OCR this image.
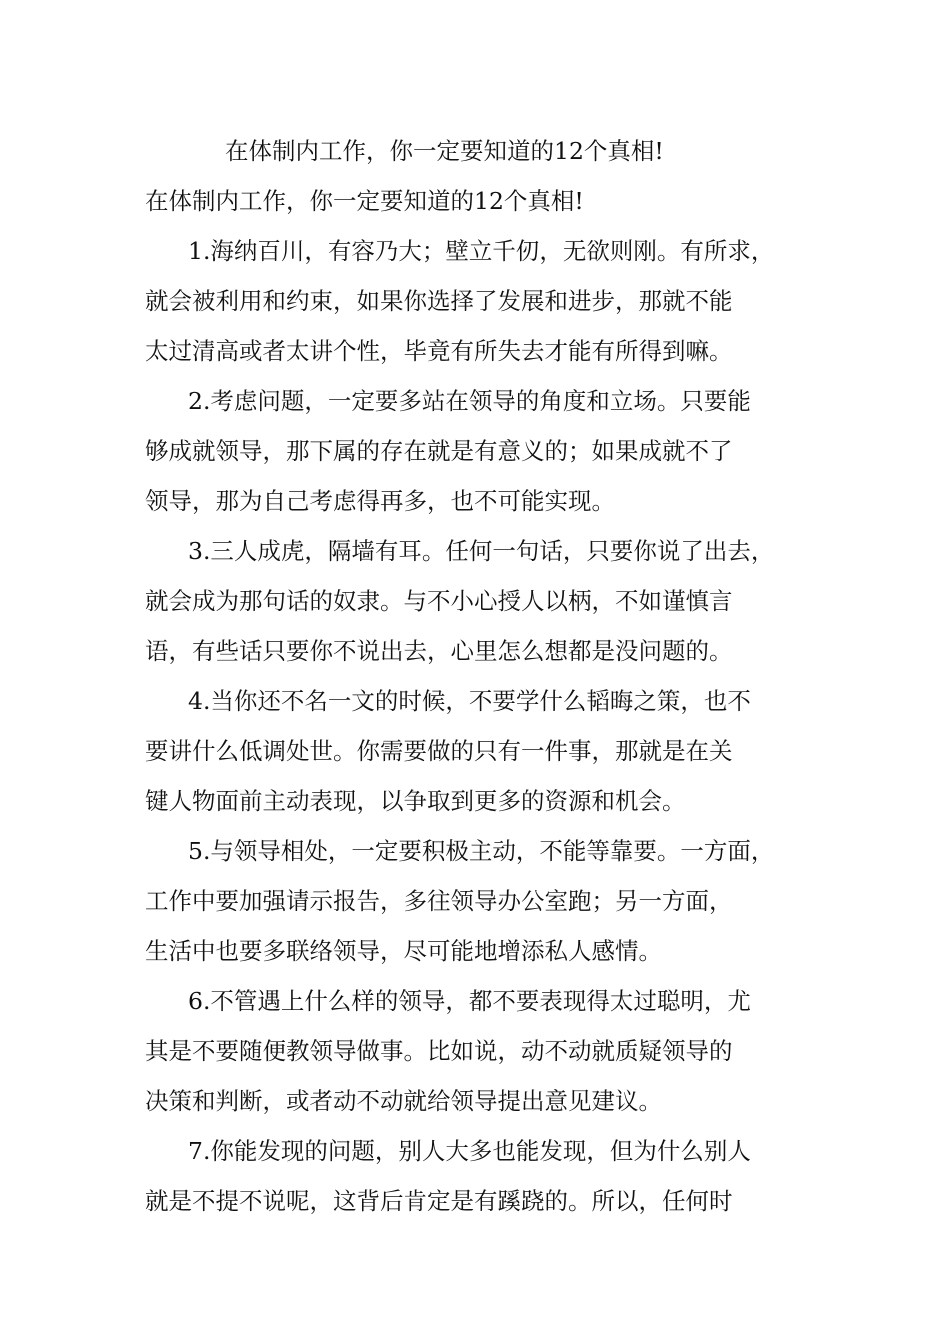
在体制内工作，你一定要知道的12个真相!
在体制内工作，你一定要知道的12个真相!
1.海纳百川，有容乃大；壁立千仞，无欲则刚。有所求，
就会被利用和约束，如果你选择了发展和进步，那就不能
太过清高或者太讲个性，毕竟有所失去才能有所得到嘛。
2.考虑问题，一定要多站在领导的角度和立场。只要能
够成就领导，那下属的存在就是有意义的；如果成就不了
领导，那为自己考虑得再多，也不可能实现。
3.三人成虎，隔墙有耳。任何一句话，只要你说了出去，
就会成为那句话的奴隶。与不小心授人以柄，不如谨慎言
语，有些话只要你不说出去，心里怎么想都是没问题的。
4.当你还不名一文的时候，不要学什么韬晦之策，也不
要讲什么低调处世。你需要做的只有一件事，那就是在关
键人物面前主动表现，以争取到更多的资源和机会。
5.与领导相处，一定要积极主动，不能等靠要。一方面，
工作中要加强请示报告，多往领导办公室跑；另一方面，
生活中也要多联络领导，尽可能地增添私人感情。
6.不管遇上什么样的领导，都不要表现得太过聪明，尤
其是不要随便教领导做事。比如说，动不动就质疑领导的
决策和判断，或者动不动就给领导提出意见建议。
7.你能发现的问题，别人大多也能发现，但为什么别人
就是不提不说呢，这背后肯定是有蹊跷的。所以，任何时
